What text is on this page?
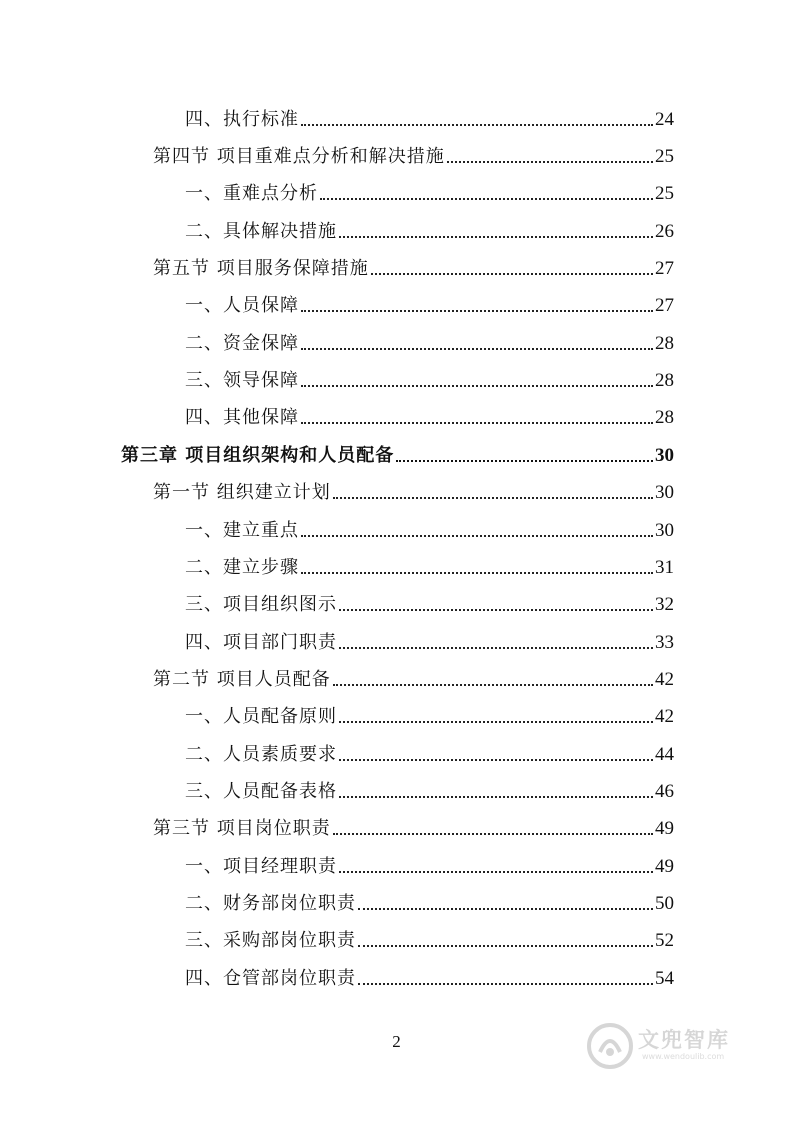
四、执行标准	24
第四节 项目重难点分析和解决措施	25
一、重难点分析	25
二、具体解决措施	26
第五节 项目服务保障措施	27
一、人员保障	27
二、资金保障	28
三、领导保障	28
四、其他保障	28
第三章 项目组织架构和人员配备	30
第一节 组织建立计划	30
一、建立重点	30
二、建立步骤	31
三、项目组织图示	32
四、项目部门职责	33
第二节 项目人员配备	42
一、人员配备原则	42
二、人员素质要求	44
三、人员配备表格	46
第三节 项目岗位职责	49
一、项目经理职责	49
二、财务部岗位职责	50
三、采购部岗位职责	52
四、仓管部岗位职责	54
2	文兜智库
www.wendoulib.com
